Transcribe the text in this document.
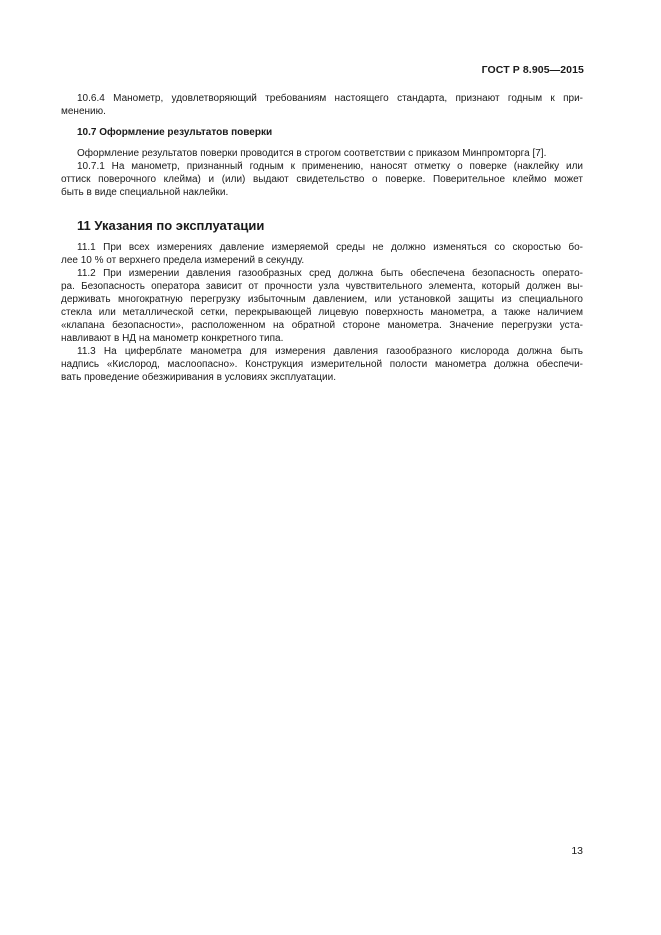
ГОСТ Р 8.905—2015
10.6.4 Манометр, удовлетворяющий требованиям настоящего стандарта, признают годным к при-
менению.
10.7 Оформление результатов поверки
Оформление результатов поверки проводится в строгом соответствии с приказом Минпромторга [7].
10.7.1 На манометр, признанный годным к применению, наносят отметку о поверке (наклейку или
оттиск поверочного клейма) и (или) выдают свидетельство о поверке. Поверительное клеймо может
быть в виде специальной наклейки.
11 Указания по эксплуатации
11.1 При всех измерениях давление измеряемой среды не должно изменяться со скоростью бо-
лее 10 % от верхнего предела измерений в секунду.
11.2 При измерении давления газообразных сред должна быть обеспечена безопасность операто-
ра. Безопасность оператора зависит от прочности узла чувствительного элемента, который должен вы-
держивать многократную перегрузку избыточным давлением, или установкой защиты из специального
стекла или металлической сетки, перекрывающей лицевую поверхность манометра, а также наличием
«клапана безопасности», расположенном на обратной стороне манометра. Значение перегрузки уста-
навливают в НД на манометр конкретного типа.
11.3 На циферблате манометра для измерения давления газообразного кислорода должна быть
надпись «Кислород, маслоопасно». Конструкция измерительной полости манометра должна обеспечи-
вать проведение обезжиривания в условиях эксплуатации.
13
